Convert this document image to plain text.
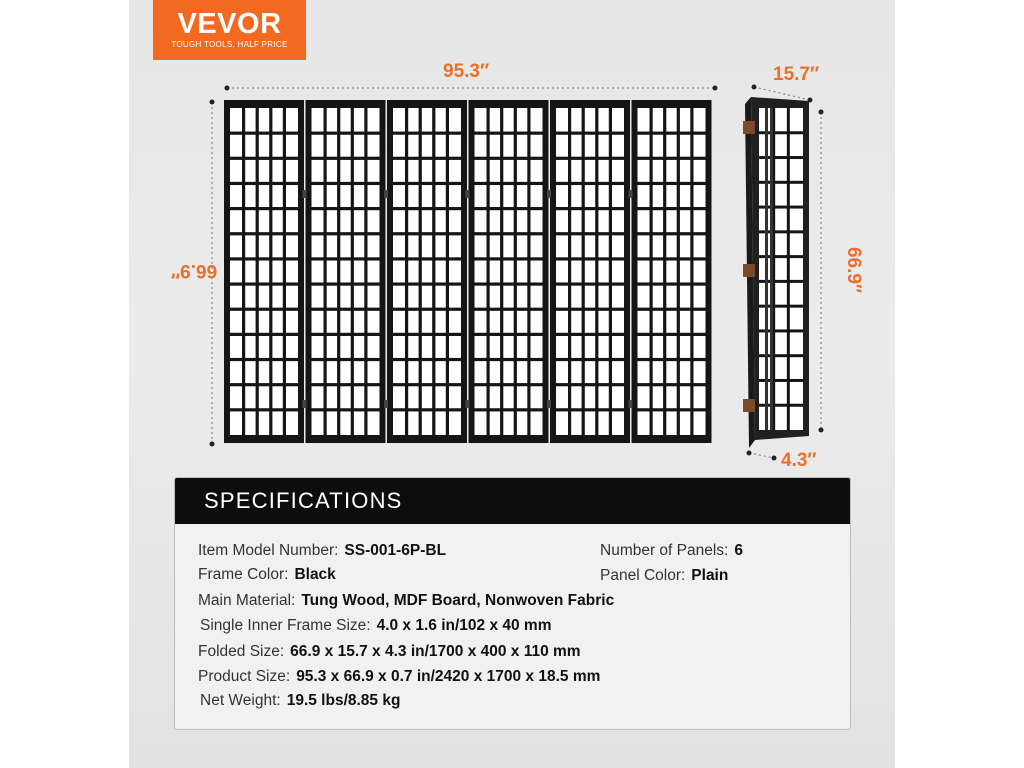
VEVOR
TOUGH TOOLS, HALF PRICE
95.3″
66.9″
15.7″
66.9″
4.3″
SPECIFICATIONS
Item Model Number: SS-001-6P-BL	Number of Panels: 6
Frame Color: Black	Panel Color: Plain
Main Material: Tung Wood, MDF Board, Nonwoven Fabric
Single Inner Frame Size: 4.0 x 1.6 in/102 x 40 mm
Folded Size: 66.9 x 15.7 x 4.3 in/1700 x 400 x 110 mm
Product Size: 95.3 x 66.9 x 0.7 in/2420 x 1700 x 18.5 mm
Net Weight: 19.5 lbs/8.85 kg
